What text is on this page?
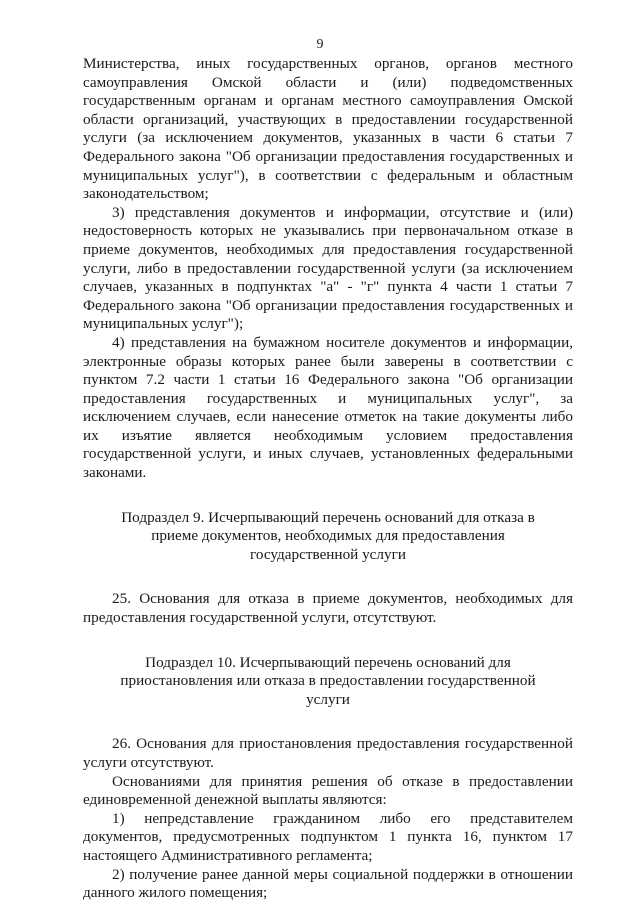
9

Министерства, иных государственных органов, органов местного самоуправления Омской области и (или) подведомственных государственным органам и органам местного самоуправления Омской области организаций, участвующих в предоставлении государственной услуги (за исключением документов, указанных в части 6 статьи 7 Федерального закона "Об организации предоставления государственных и муниципальных услуг"), в соответствии с федеральным и областным законодательством;

3) представления документов и информации, отсутствие и (или) недостоверность которых не указывались при первоначальном отказе в приеме документов, необходимых для предоставления государственной услуги, либо в предоставлении государственной услуги (за исключением случаев, указанных в подпунктах "а" - "г" пункта 4 части 1 статьи 7 Федерального закона "Об организации предоставления государственных и муниципальных услуг");

4) представления на бумажном носителе документов и информации, электронные образы которых ранее были заверены в соответствии с пунктом 7.2 части 1 статьи 16 Федерального закона "Об организации предоставления государственных и муниципальных услуг", за исключением случаев, если нанесение отметок на такие документы либо их изъятие является необходимым условием предоставления государственной услуги, и иных случаев, установленных федеральными законами.

Подраздел 9. Исчерпывающий перечень оснований для отказа в приеме документов, необходимых для предоставления государственной услуги

25. Основания для отказа в приеме документов, необходимых для предоставления государственной услуги, отсутствуют.

Подраздел 10. Исчерпывающий перечень оснований для приостановления или отказа в предоставлении государственной услуги

26. Основания для приостановления предоставления государственной услуги отсутствуют.

Основаниями для принятия решения об отказе в предоставлении единовременной денежной выплаты являются:

1) непредставление гражданином либо его представителем документов, предусмотренных подпунктом 1 пункта 16, пунктом 17 настоящего Административного регламента;

2) получение ранее данной меры социальной поддержки в отношении данного жилого помещения;
